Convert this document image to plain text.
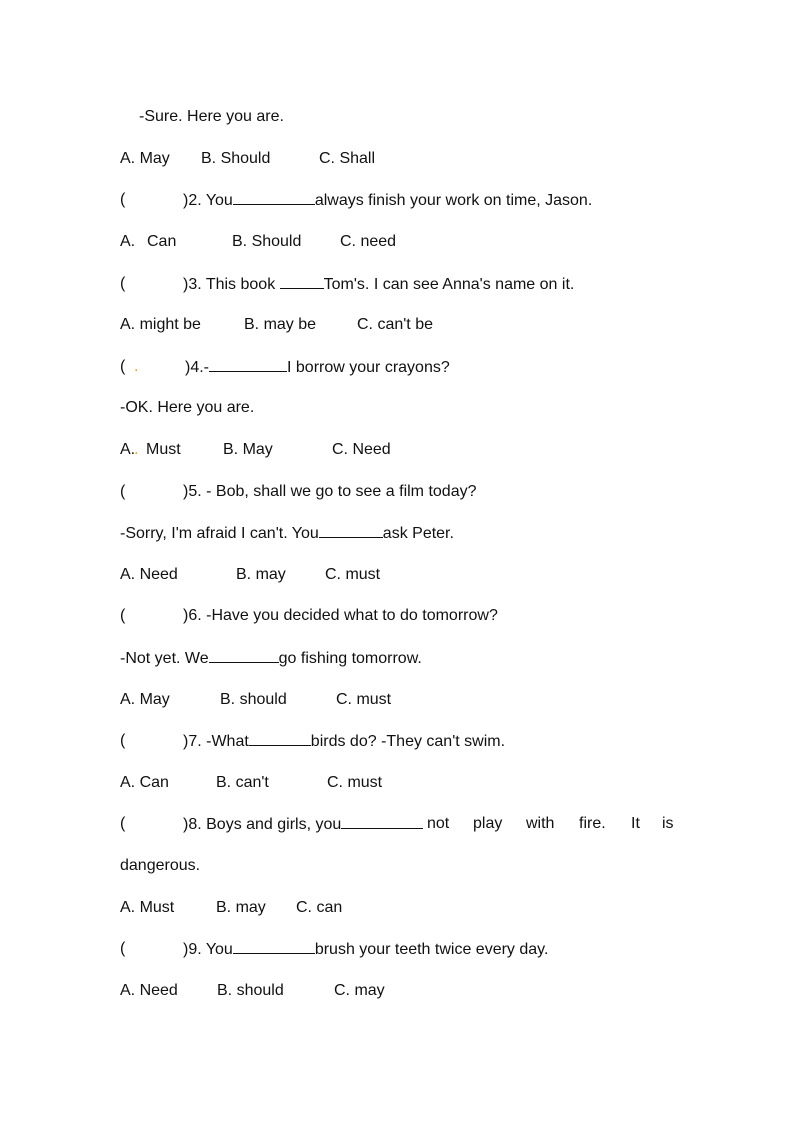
-Sure. Here you are.

A. May

B. Should

	C. Shall

(

	)2. You	always finish your work on time, Jason.

A.

Can

	B. Should

C. need

(

	)3. This book	Tom's. I can see Anna's name on it.

A. might be

	B. may be

	C. can't be

(

.

	)4.-	I borrow your crayons?

-OK. Here you are.

A.

.

Must

	B. May

	C. Need

(

	)5. - Bob, shall we go to see a film today?

-Sorry, I'm afraid I can't. You	ask Peter.

A. Need

	B. may

C. must

(

	)6. -Have you decided what to do tomorrow?

-Not yet. We	go fishing tomorrow.

A. May

	B. should

	C. must

(

	)7. -What	birds do? -They can't swim.

A. Can

	B. can't

	C. must

(

	)8. Boys and girls, you

	not

play

with

fire.

It

is

dangerous.

A. Must

	B. may

C. can

(

	)9. You	brush your teeth twice every day.

A. Need

B. should

	C. may
